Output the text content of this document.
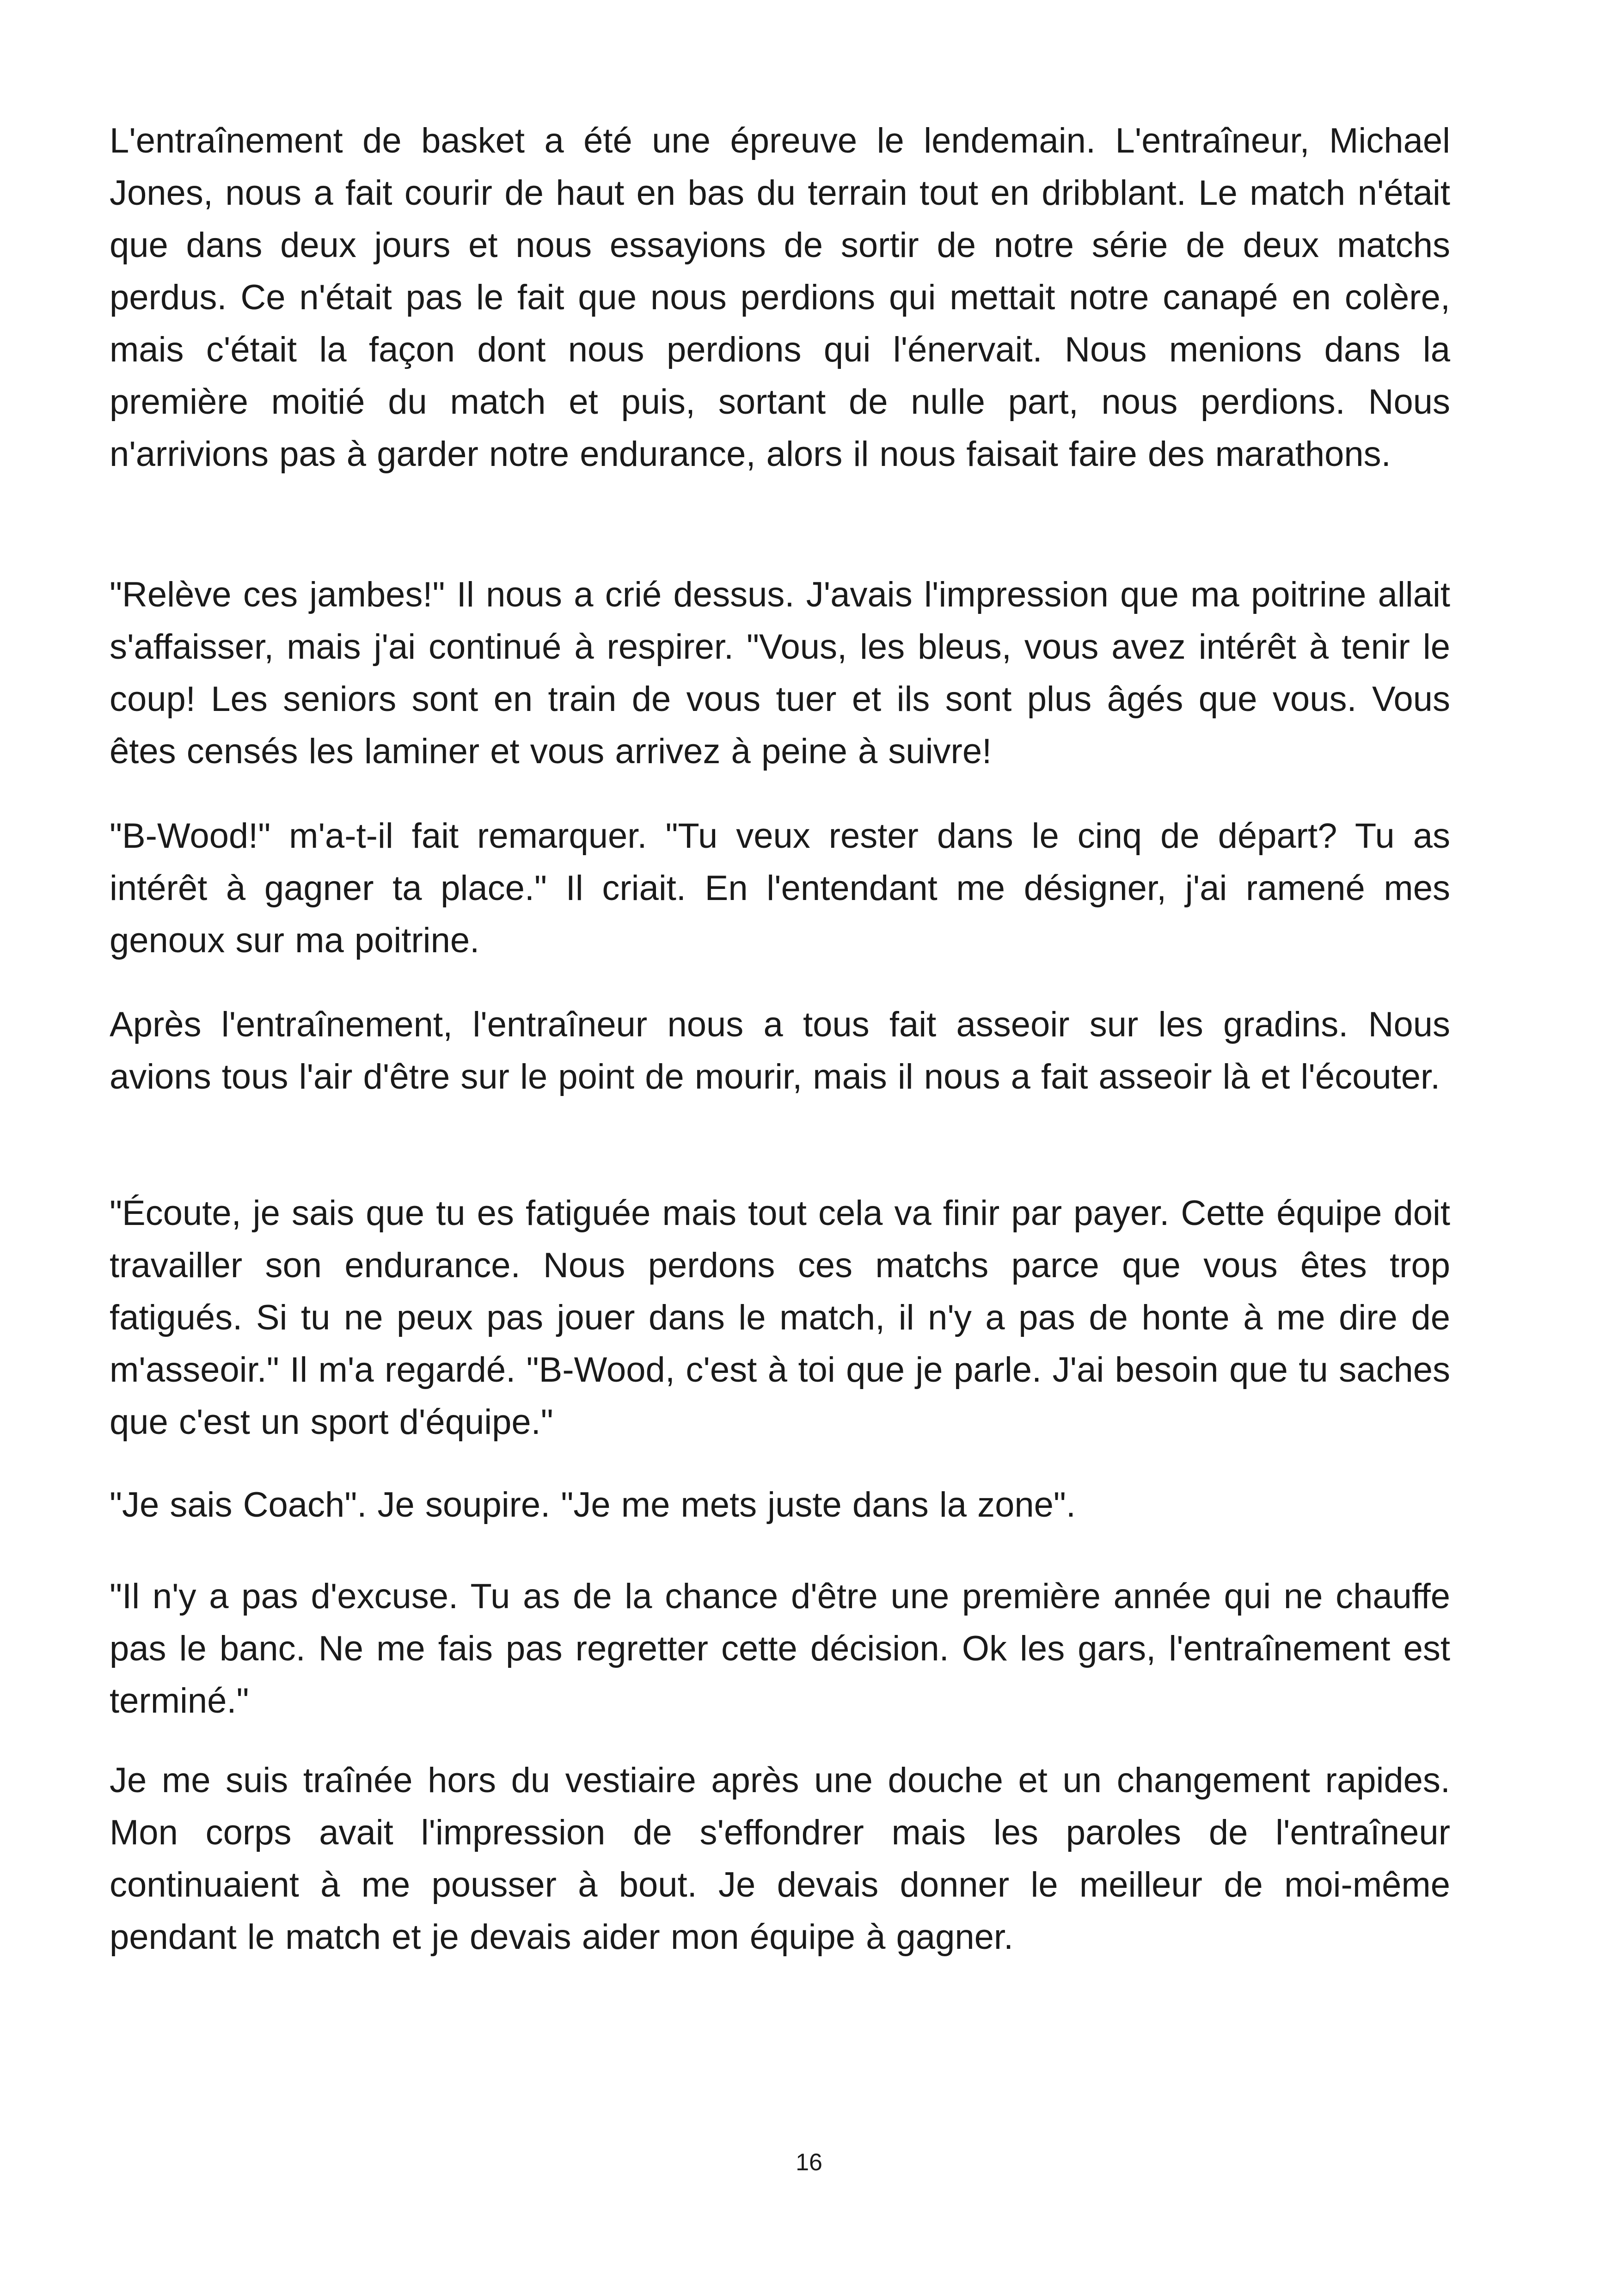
L'entraînement de basket a été une épreuve le lendemain. L'entraîneur, Michael Jones, nous a fait courir de haut en bas du terrain tout en dribblant. Le match n'était que dans deux jours et nous essayions de sortir de notre série de deux matchs perdus. Ce n'était pas le fait que nous perdions qui mettait notre canapé en colère, mais c'était la façon dont nous perdions qui l'énervait. Nous menions dans la première moitié du match et puis, sortant de nulle part, nous perdions. Nous n'arrivions pas à garder notre endurance, alors il nous faisait faire des marathons.

"Relève ces jambes!" Il nous a crié dessus. J'avais l'impression que ma poitrine allait s'affaisser, mais j'ai continué à respirer. "Vous, les bleus, vous avez intérêt à tenir le coup! Les seniors sont en train de vous tuer et ils sont plus âgés que vous. Vous êtes censés les laminer et vous arrivez à peine à suivre!

"B-Wood!" m'a-t-il fait remarquer. "Tu veux rester dans le cinq de départ? Tu as intérêt à gagner ta place." Il criait. En l'entendant me désigner, j'ai ramené mes genoux sur ma poitrine.

Après l'entraînement, l'entraîneur nous a tous fait asseoir sur les gradins. Nous avions tous l'air d'être sur le point de mourir, mais il nous a fait asseoir là et l'écouter.

"Écoute, je sais que tu es fatiguée mais tout cela va finir par payer. Cette équipe doit travailler son endurance. Nous perdons ces matchs parce que vous êtes trop fatigués. Si tu ne peux pas jouer dans le match, il n'y a pas de honte à me dire de m'asseoir." Il m'a regardé. "B-Wood, c'est à toi que je parle. J'ai besoin que tu saches que c'est un sport d'équipe."

"Je sais Coach". Je soupire. "Je me mets juste dans la zone".

"Il n'y a pas d'excuse. Tu as de la chance d'être une première année qui ne chauffe pas le banc. Ne me fais pas regretter cette décision. Ok les gars, l'entraînement est terminé."

Je me suis traînée hors du vestiaire après une douche et un changement rapides. Mon corps avait l'impression de s'effondrer mais les paroles de l'entraîneur continuaient à me pousser à bout. Je devais donner le meilleur de moi-même pendant le match et je devais aider mon équipe à gagner.

16
